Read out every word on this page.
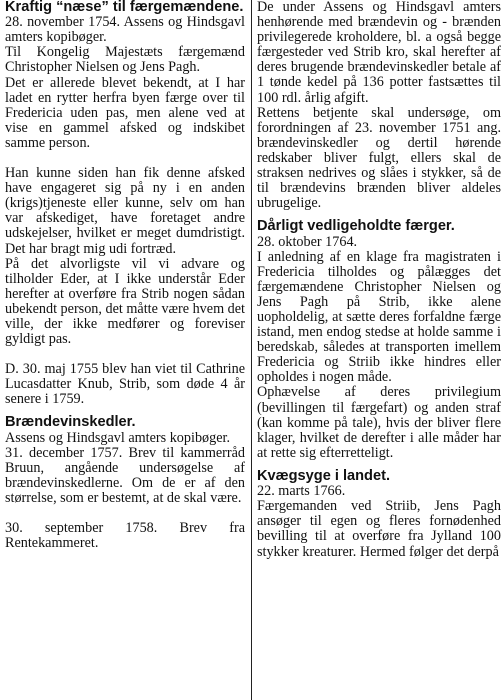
Kraftig “næse” til færgemændene.

28. november 1754. Assens og Hindsgavl amters kopibøger.

Til Kongelig Majestæts færgemænd Christopher Nielsen og Jens Pagh.

Det er allerede blevet bekendt, at I har ladet en rytter herfra byen færge over til Fredericia uden pas, men alene ved at vise en gammel afsked og indskibet samme person.

Han kunne siden han fik denne afsked have engageret sig på ny i en anden (krigs)tjeneste eller kunne, selv om han var afskediget, have foretaget andre udskejelser, hvilket er meget dumdristigt. Det har bragt mig udi fortræd.

På det alvorligste vil vi advare og tilholder Eder, at I ikke understår Eder herefter at overføre fra Strib nogen sådan ubekendt person, det måtte være hvem det ville, der ikke medfører og foreviser gyldigt pas.

D. 30. maj 1755 blev han viet til Cathrine Lucasdatter Knub, Strib, som døde 4 år senere i 1759.

Brændevinskedler.

Assens og Hindsgavl amters kopibøger.

31. december 1757. Brev til kammerråd Bruun, angående undersøgelse af brændevinskedlerne. Om de er af den størrelse, som er bestemt, at de skal være.

30. september 1758. Brev fra Rentekammeret.

De under Assens og Hindsgavl amters henhørende med brændevin og - brænden privilegerede kroholdere, bl. a også begge færgesteder ved Strib kro, skal herefter af deres brugende brændevinskedler betale af 1 tønde kedel på 136 potter fastsættes til 100 rdl. årlig afgift.

Rettens betjente skal undersøge, om forordningen af 23. november 1751 ang. brændevinskedler og dertil hørende redskaber bliver fulgt, ellers skal de straksen nedrives og slåes i stykker, så de til brændevins brænden bliver aldeles ubrugelige.

Dårligt vedligeholdte færger.

28. oktober 1764.

I anledning af en klage fra magistraten i Fredericia tilholdes og pålægges det færgemændene Christopher Nielsen og Jens Pagh på Strib, ikke alene uopholdelig, at sætte deres forfaldne færge istand, men endog stedse at holde samme i beredskab, således at transporten imellem Fredericia og Striib ikke hindres eller opholdes i nogen måde.

Ophævelse af deres privilegium (bevillingen til færgefart) og anden straf (kan komme på tale), hvis der bliver flere klager, hvilket de derefter i alle måder har at rette sig efterretteligt.

Kvægsyge i landet.

22. marts 1766.

Færgemanden ved Striib, Jens Pagh ansøger til egen og fleres fornødenhed bevilling til at overføre fra Jylland 100 stykker kreaturer. Hermed følger det derpå
